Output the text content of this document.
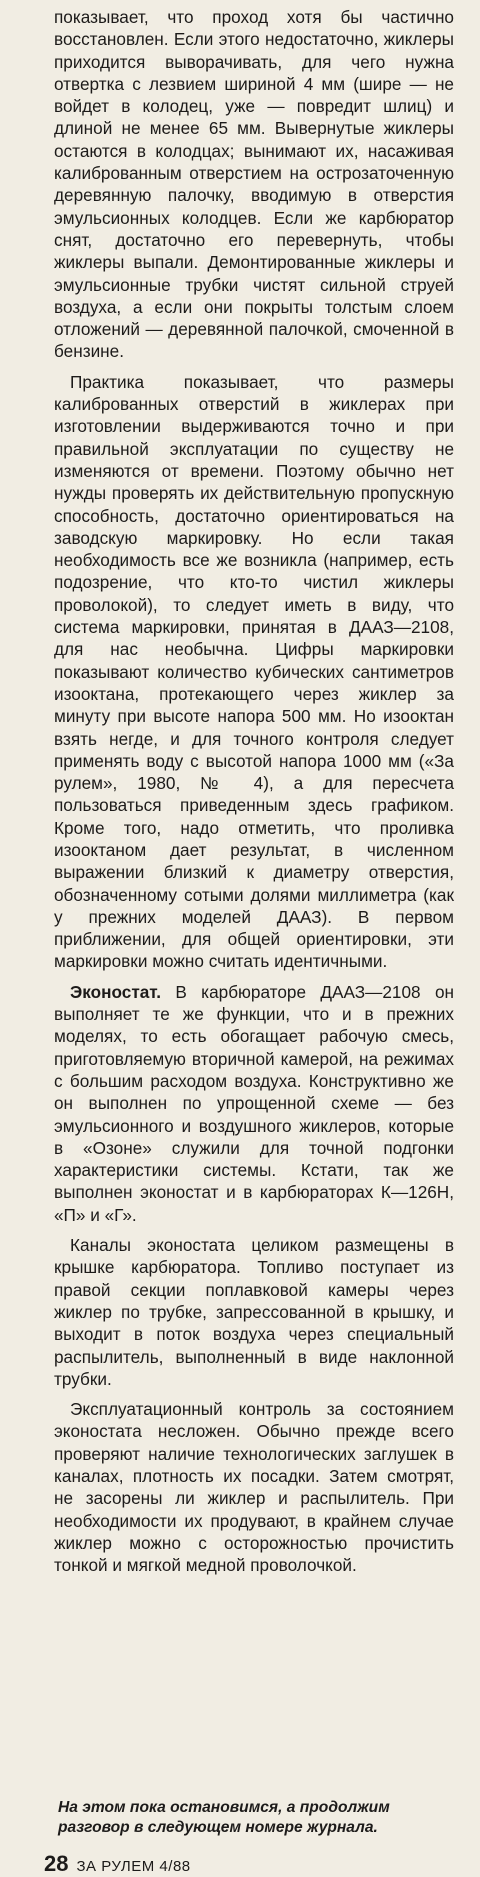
показывает, что проход хотя бы частично восстановлен. Если этого недостаточно, жиклеры приходится выворачивать, для чего нужна отвертка с лезвием шириной 4 мм (шире — не войдет в колодец, уже — повредит шлиц) и длиной не менее 65 мм. Вывернутые жиклеры остаются в колодцах; вынимают их, насаживая калиброванным отверстием на острозаточенную деревянную палочку, вводимую в отверстия эмульсионных колодцев. Если же карбюратор снят, достаточно его перевернуть, чтобы жиклеры выпали. Демонтированные жиклеры и эмульсионные трубки чистят сильной струей воздуха, а если они покрыты толстым слоем отложений — деревянной палочкой, смоченной в бензине.

Практика показывает, что размеры калиброванных отверстий в жиклерах при изготовлении выдерживаются точно и при правильной эксплуатации по существу не изменяются от времени. Поэтому обычно нет нужды проверять их действительную пропускную способность, достаточно ориентироваться на заводскую маркировку. Но если такая необходимость все же возникла (например, есть подозрение, что кто-то чистил жиклеры проволокой), то следует иметь в виду, что система маркировки, принятая в ДААЗ—2108, для нас необычна. Цифры маркировки показывают количество кубических сантиметров изооктана, протекающего через жиклер за минуту при высоте напора 500 мм. Но изооктан взять негде, и для точного контроля следует применять воду с высотой напора 1000 мм («За рулем», 1980, № 4), а для пересчета пользоваться приведенным здесь графиком. Кроме того, надо отметить, что проливка изооктаном дает результат, в численном выражении близкий к диаметру отверстия, обозначенному сотыми долями миллиметра (как у прежних моделей ДААЗ). В первом приближении, для общей ориентировки, эти маркировки можно считать идентичными.

Эконостат. В карбюраторе ДААЗ—2108 он выполняет те же функции, что и в прежних моделях, то есть обогащает рабочую смесь, приготовляемую вторичной камерой, на режимах с большим расходом воздуха. Конструктивно же он выполнен по упрощенной схеме — без эмульсионного и воздушного жиклеров, которые в «Озоне» служили для точной подгонки характеристики системы. Кстати, так же выполнен эконостат и в карбюраторах К—126Н, «П» и «Г».

Каналы эконостата целиком размещены в крышке карбюратора. Топливо поступает из правой секции поплавковой камеры через жиклер по трубке, запрессованной в крышку, и выходит в поток воздуха через специальный распылитель, выполненный в виде наклонной трубки.

Эксплуатационный контроль за состоянием эконостата несложен. Обычно прежде всего проверяют наличие технологических заглушек в каналах, плотность их посадки. Затем смотрят, не засорены ли жиклер и распылитель. При необходимости их продувают, в крайнем случае жиклер можно с осторожностью прочистить тонкой и мягкой медной проволочкой.

На этом пока остановимся, а продолжим разговор в следующем номере журнала.
28 ЗА РУЛЕМ 4/88
